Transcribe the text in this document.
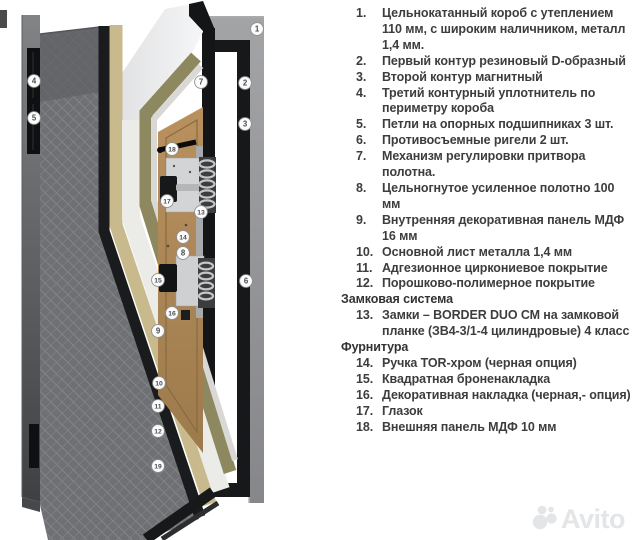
1
2
3
4
5
6
7
8
9
10
11
12
13
14
15
16
17
18
19
1.	Цельнокатанный короб с утеплением 110 мм, с широким наличником, металл 1,4 мм.
2.	Первый контур резиновый D-образный
3.	Второй контур магнитный
4.	Третий контурный уплотнитель по периметру короба
5.	Петли на опорных подшипниках 3 шт.
6.	Противосъемные ригели 2 шт.
7.	Механизм регулировки притвора полотна.
8.	Цельногнутое усиленное полотно 100 мм
9.	Внутренняя декоративная панель МДФ 16 мм
10. Основной лист металла 1,4 мм
11. Адгезионное циркониевое покрытие
12. Порошково-полимерное покрытие
Замковая система
13. Замки – BORDER DUO СМ на замковой планке (ЗВ4-3/1-4 цилиндровые) 4 класс
Фурнитура
14. Ручка TOR-хром (черная опция)
15. Квадратная броненакладка
16. Декоративная накладка (черная,- опция)
17. Глазок
18. Внешняя панель МДФ 10 мм
Avito
